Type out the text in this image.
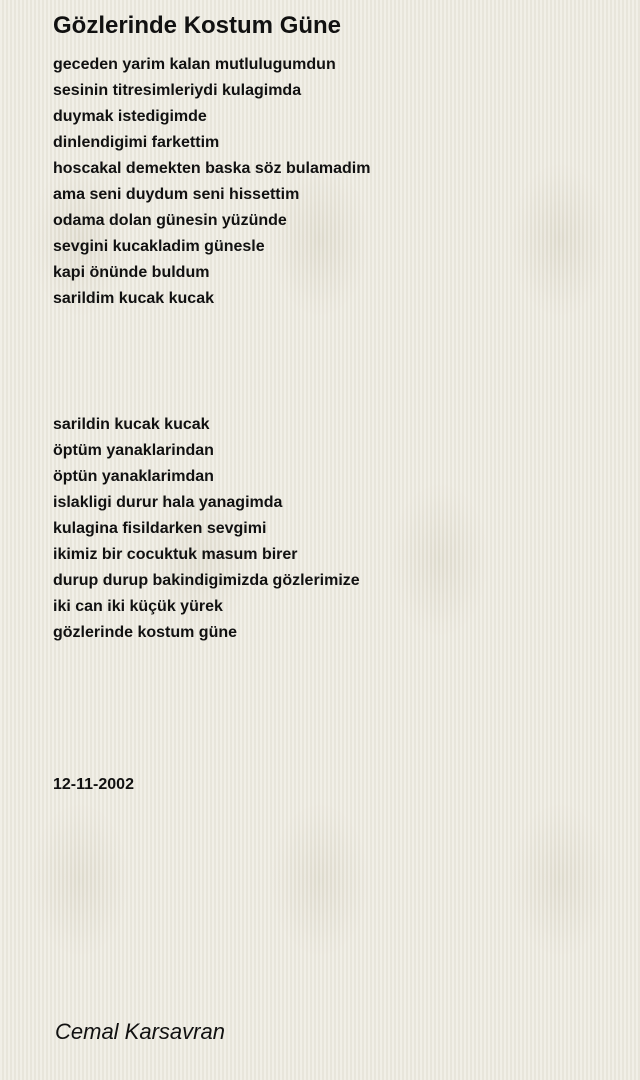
Gözlerinde Kostum Güne
geceden yarim kalan mutlulugumdun
sesinin titresimleriydi kulagimda
duymak istedigimde
dinlendigimi farkettim
hoscakal demekten baska söz bulamadim
ama seni duydum seni hissettim
odama dolan günesin yüzünde
sevgini kucakladim günesle
kapi önünde buldum
sarildim kucak kucak
sarildin kucak kucak
öptüm yanaklarindan
öptün yanaklarimdan
islakligi durur hala yanagimda
kulagina fisildarken sevgimi
ikimiz bir cocuktuk masum birer
durup durup bakindigimizda gözlerimize
iki can iki küçük yürek
gözlerinde kostum güne
12-11-2002
Cemal Karsavran
